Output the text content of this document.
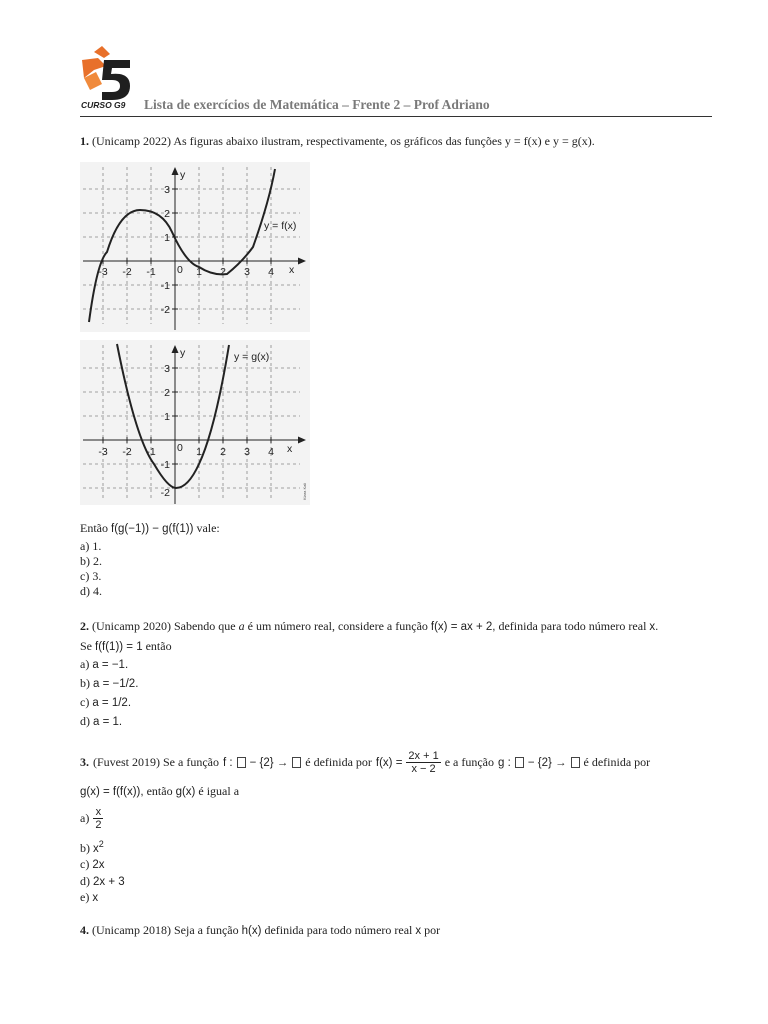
CURSO G9 Lista de exercícios de Matemática – Frente 2 – Prof Adriano
1. (Unicamp 2022) As figuras abaixo ilustram, respectivamente, os gráficos das funções y = f(x) e y = g(x).
y
x
0
y = f(x)
-3 -2 -1	1 2 3 4
3
2
1
-1
-2
y
x
0
y = g(x)
-3 -2 -1	1 2 3 4
3
2
1
-1
-2	Kiara Kali
Então f(g(−1)) − g(f(1)) vale:
a) 1.
b) 2.
c) 3.
d) 4.
2. (Unicamp 2020) Sabendo que a é um número real, considere a função f(x) = ax + 2, definida para todo número real x.
Se f(f(1)) = 1 então
a) a = −1.
b) a = −1/2.
c) a = 1/2.
d) a = 1.
3. (Fuvest 2019) Se a função f : − {2} → é definida por $f(x) = \frac{2x + 1}{x - 2}$ e a função g : − {2} → é definida por
g(x) = f(f(x)), então g(x) é igual a
$a) \frac{x}{2}$
b) $x^2$
c) 2x
d) 2x + 3
e) x
4. (Unicamp 2018) Seja a função h(x) definida para todo número real x por
